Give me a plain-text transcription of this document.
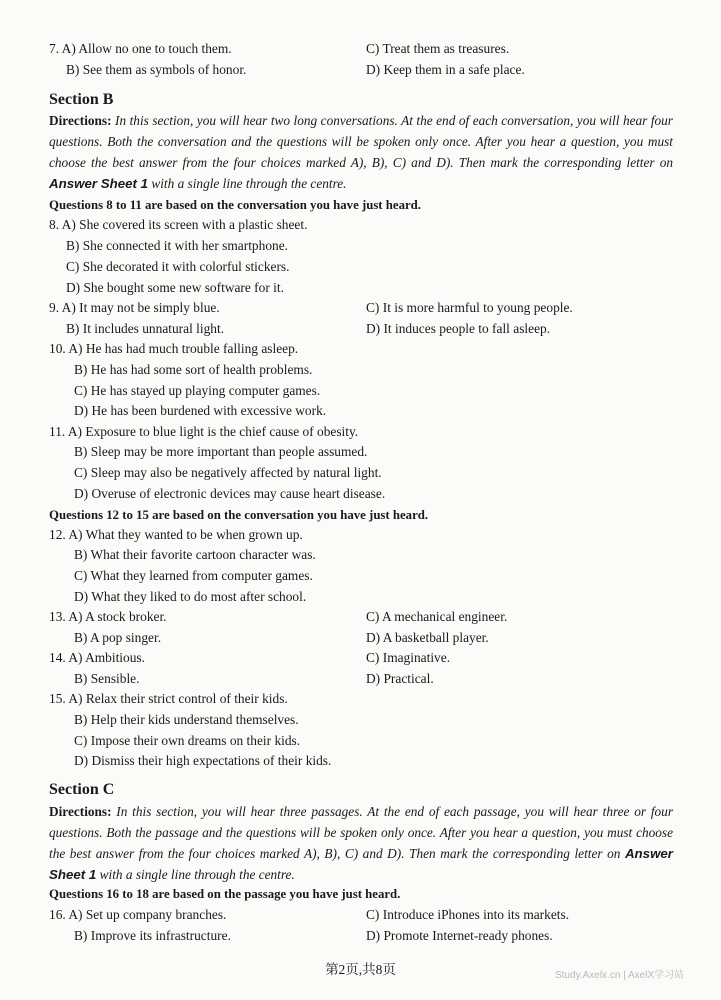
7. A) Allow no one to touch them.
B) See them as symbols of honor.
C) Treat them as treasures.
D) Keep them in a safe place.
Section B
Directions: In this section, you will hear two long conversations. At the end of each conversation, you will hear four questions. Both the conversation and the questions will be spoken only once. After you hear a question, you must choose the best answer from the four choices marked A), B), C) and D). Then mark the corresponding letter on Answer Sheet 1 with a single line through the centre.
Questions 8 to 11 are based on the conversation you have just heard.
8. A) She covered its screen with a plastic sheet.
B) She connected it with her smartphone.
C) She decorated it with colorful stickers.
D) She bought some new software for it.
9. A) It may not be simply blue.
B) It includes unnatural light.
C) It is more harmful to young people.
D) It induces people to fall asleep.
10. A) He has had much trouble falling asleep.
B) He has had some sort of health problems.
C) He has stayed up playing computer games.
D) He has been burdened with excessive work.
11. A) Exposure to blue light is the chief cause of obesity.
B) Sleep may be more important than people assumed.
C) Sleep may also be negatively affected by natural light.
D) Overuse of electronic devices may cause heart disease.
Questions 12 to 15 are based on the conversation you have just heard.
12. A) What they wanted to be when grown up.
B) What their favorite cartoon character was.
C) What they learned from computer games.
D) What they liked to do most after school.
13. A) A stock broker.
B) A pop singer.
C) A mechanical engineer.
D) A basketball player.
14. A) Ambitious.
B) Sensible.
C) Imaginative.
D) Practical.
15. A) Relax their strict control of their kids.
B) Help their kids understand themselves.
C) Impose their own dreams on their kids.
D) Dismiss their high expectations of their kids.
Section C
Directions: In this section, you will hear three passages. At the end of each passage, you will hear three or four questions. Both the passage and the questions will be spoken only once. After you hear a question, you must choose the best answer from the four choices marked A), B), C) and D). Then mark the corresponding letter on Answer Sheet 1 with a single line through the centre.
Questions 16 to 18 are based on the passage you have just heard.
16. A) Set up company branches.
B) Improve its infrastructure.
C) Introduce iPhones into its markets.
D) Promote Internet-ready phones.
第2页,共8页	Study.Axelx.cn | AxelX学习站
